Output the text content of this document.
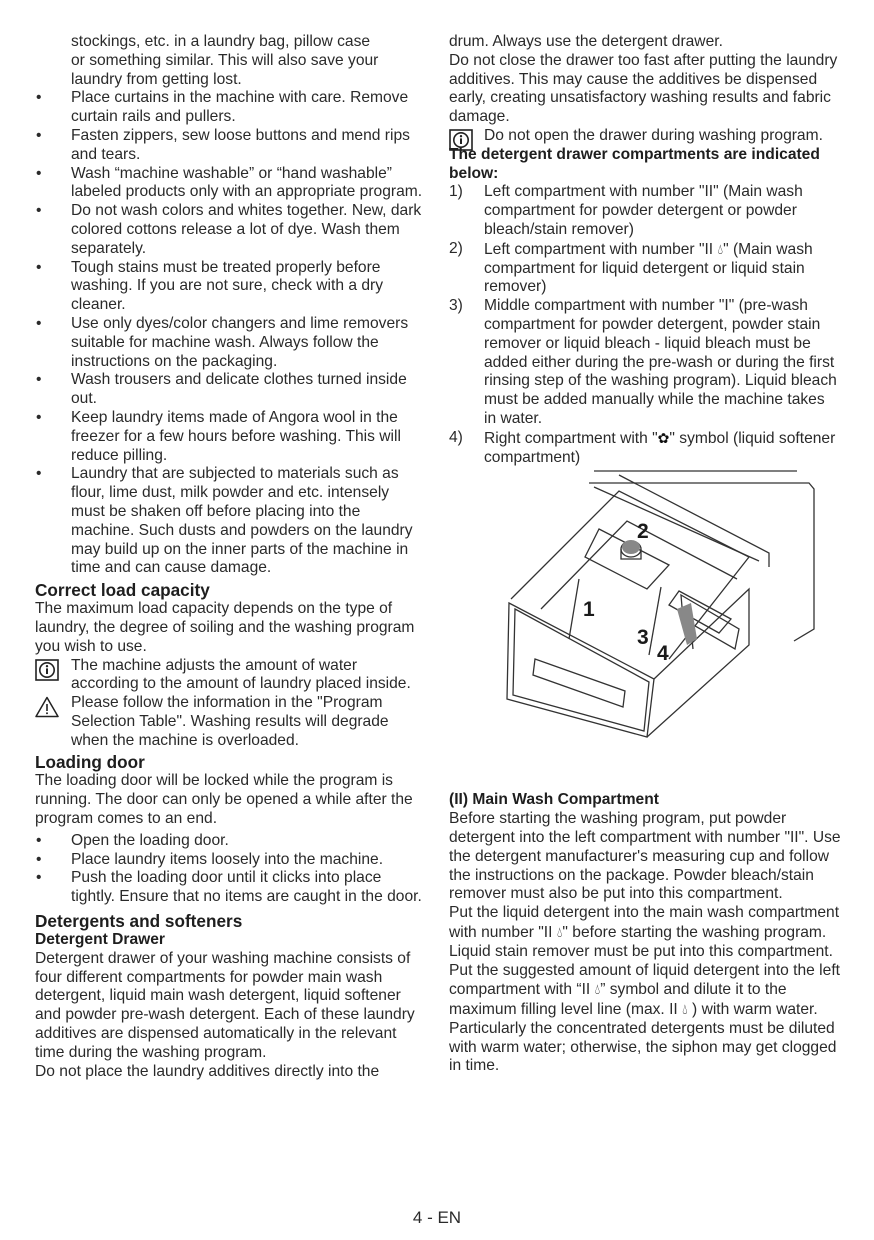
stockings, etc. in a laundry bag, pillow case
or something similar. This will also save your
laundry from getting lost.

• Place curtains in the machine with care. Remove curtain rails and pullers.
• Fasten zippers, sew loose buttons and mend rips and tears.
• Wash “machine washable” or “hand washable” labeled products only with an appropriate program.
• Do not wash colors and whites together. New, dark colored cottons release a lot of dye. Wash them separately.
• Tough stains must be treated properly before washing. If you are not sure, check with a dry cleaner.
• Use only dyes/color changers and lime removers suitable for machine wash. Always follow the instructions on the packaging.
• Wash trousers and delicate clothes turned inside out.
• Keep laundry items made of Angora wool in the freezer for a few hours before washing. This will reduce pilling.
• Laundry that are subjected to materials such as flour, lime dust, milk powder and etc. intensely must be shaken off before placing into the machine. Such dusts and powders on the laundry may build up on the inner parts of the machine in time and can cause damage.
Correct load capacity

The maximum load capacity depends on the type of laundry, the degree of soiling and the washing program you wish to use.

The machine adjusts the amount of water according to the amount of laundry placed inside.
Please follow the information in the "Program Selection Table". Washing results will degrade when the machine is overloaded.
Loading door

The loading door will be locked while the program is running. The door can only be opened a while after the program comes to an end.

• Open the loading door.
• Place laundry items loosely into the machine.
• Push the loading door until it clicks into place tightly. Ensure that no items are caught in the door.
Detergents and softeners
Detergent Drawer

Detergent drawer of your washing machine consists of four different compartments for powder main wash detergent, liquid main wash detergent, liquid softener and powder pre-wash detergent. Each of these laundry additives are dispensed automatically in the relevant time during the washing program.

Do not place the laundry additives directly into the

drum. Always use the detergent drawer.

Do not close the drawer too fast after putting the laundry additives. This may cause the additives be dispensed early, creating unsatisfactory washing results and fabric damage.

Do not open the drawer during washing program.
The detergent drawer compartments are indicated below:
1) Left compartment with number "II" (Main wash compartment for powder detergent or powder bleach/stain remover)
2) Left compartment with number "II 💧︎" (Main wash compartment for liquid detergent or liquid stain remover)
3) Middle compartment with number "I" (pre-wash compartment for powder detergent, powder stain remover or liquid bleach - liquid bleach must be added either during the pre-wash or during the first rinsing step of the washing program). Liquid bleach must be added manually while the machine takes in water.
4) Right compartment with "✿" symbol (liquid softener compartment)
2
1
3
4
(II) Main Wash Compartment

Before starting the washing program, put powder detergent into the left compartment with number "II". Use the detergent manufacturer's measuring cup and follow the instructions on the package. Powder bleach/stain remover must also be put into this compartment.

Put the liquid detergent into the main wash compartment with number "II 💧︎" before starting the washing program. Liquid stain remover must be put into this compartment.

Put the suggested amount of liquid detergent into the left compartment with “II 💧︎” symbol and dilute it to the maximum filling level line (max. II 💧︎ ) with warm water.

Particularly the concentrated detergents must be diluted with warm water; otherwise, the siphon may get clogged in time.

4 - EN
